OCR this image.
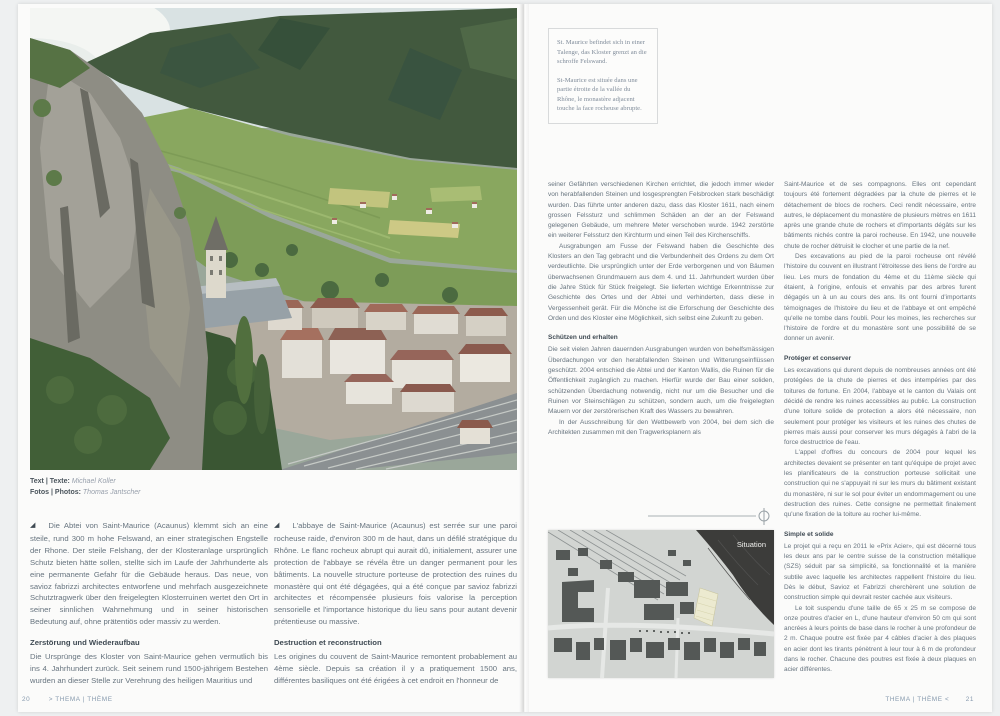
Text | Texte: Michael Koller
Fotos | Photos: Thomas Jantscher

◢ Die Abtei von Saint-Maurice (Acaunus) klemmt sich an eine steile, rund 300 m hohe Felswand, an einer strategischen Engstelle der Rhone. Der steile Felshang, der der Klosteranlage ursprünglich Schutz bieten hätte sollen, stellte sich im Laufe der Jahrhunderte als eine permanente Gefahr für die Gebäude heraus. Das neue, von savioz fabrizzi architectes entworfene und mehrfach ausgezeichnete Schutztragwerk über den freigelegten Klosterruinen wertet den Ort in seiner sinnlichen Wahrnehmung und in seiner historischen Bedeutung auf, ohne prätentiös oder massiv zu werden.

Zerstörung und Wiederaufbau

Die Ursprünge des Kloster von Saint-Maurice gehen vermutlich bis ins 4. Jahrhundert zurück. Seit seinem rund 1500-jährigem Bestehen wurden an dieser Stelle zur Verehrung des heiligen Mauritius und

◢ L'abbaye de Saint-Maurice (Acaunus) est serrée sur une paroi rocheuse raide, d'environ 300 m de haut, dans un défilé stratégique du Rhône. Le flanc rocheux abrupt qui aurait dû, initialement, assurer une protection de l'abbaye se révéla être un danger permanent pour les bâtiments. La nouvelle structure porteuse de protection des ruines du monastère qui ont été dégagées, qui a été conçue par savioz fabrizzi architectes et récompensée plusieurs fois valorise la perception sensorielle et l'importance historique du lieu sans pour autant devenir prétentieuse ou massive.

Destruction et reconstruction

Les origines du couvent de Saint-Maurice remontent probablement au 4ème siècle. Depuis sa création il y a pratiquement 1500 ans, différentes basiliques ont été érigées à cet endroit en l'honneur de

20	> THEMA | THÈME

St. Maurice befindet sich in einer Talenge, das Kloster grenzt an die schroffe Felswand.

St-Maurice est située dans une partie étroite de la vallée du Rhône, le monastère adjacent touche la face rocheuse abrupte.

seiner Gefährten verschiedenen Kirchen errichtet, die jedoch immer wieder von herabfallenden Steinen und losgesprengten Felsbrocken stark beschädigt wurden. Das führte unter anderen dazu, dass das Kloster 1611, nach einem grossen Felssturz und schlimmen Schäden an der an der Felswand gelegenen Gebäude, um mehrere Meter verschoben wurde. 1942 zerstörte ein weiterer Felssturz den Kirchturm und einen Teil des Kirchenschiffs.

Ausgrabungen am Fusse der Felswand haben die Geschichte des Klosters an den Tag gebracht und die Verbundenheit des Ordens zu dem Ort verdeutlichte. Die ursprünglich unter der Erde verborgenen und von Bäumen überwachsenen Grundmauern aus dem 4. und 11. Jahrhundert wurden über die Jahre Stück für Stück freigelegt. Sie lieferten wichtige Erkenntnisse zur Geschichte des Ortes und der Abtei und verhinderten, dass diese in Vergessenheit gerät. Für die Mönche ist die Erforschung der Geschichte des Orden und des Kloster eine Möglichkeit, sich selbst eine Zukunft zu geben.

Schützen und erhalten

Die seit vielen Jahren dauernden Ausgrabungen wurden von behelfsmässigen Überdachungen vor den herabfallenden Steinen und Witterungseinflüssen geschützt. 2004 entschied die Abtei und der Kanton Wallis, die Ruinen für die Öffentlichkeit zugänglich zu machen. Hierfür wurde der Bau einer soliden, schützenden Überdachung notwendig, nicht nur um die Besucher und die Ruinen vor Steinschlägen zu schützen, sondern auch, um die freigelegten Mauern vor der zerstörerischen Kraft des Wassers zu bewahren.

In der Ausschreibung für den Wettbewerb von 2004, bei dem sich die Architekten zusammen mit den Tragwerksplanern als

Situation

Saint-Maurice et de ses compagnons. Elles ont cependant toujours été fortement dégradées par la chute de pierres et le détachement de blocs de rochers. Ceci rendit nécessaire, entre autres, le déplacement du monastère de plusieurs mètres en 1611 après une grande chute de rochers et d'importants dégâts sur les bâtiments nichés contre la paroi rocheuse. En 1942, une nouvelle chute de rocher détruisit le clocher et une partie de la nef.

Des excavations au pied de la paroi rocheuse ont révélé l'histoire du couvent en illustrant l'étroitesse des liens de l'ordre au lieu. Les murs de fondation du 4ème et du 11ème siècle qui étaient, à l'origine, enfouis et envahis par des arbres furent dégagés un à un au cours des ans. Ils ont fourni d'importants témoignages de l'histoire du lieu et de l'abbaye et ont empêché qu'elle ne tombe dans l'oubli. Pour les moines, les recherches sur l'histoire de l'ordre et du monastère sont une possibilité de se donner un avenir.

Protéger et conserver

Les excavations qui durent depuis de nombreuses années ont été protégées de la chute de pierres et des intempéries par des toitures de fortune. En 2004, l'abbaye et le canton du Valais ont décidé de rendre les ruines accessibles au public. La construction d'une toiture solide de protection a alors été nécessaire, non seulement pour protéger les visiteurs et les ruines des chutes de pierres mais aussi pour conserver les murs dégagés à l'abri de la force destructrice de l'eau.

L'appel d'offres du concours de 2004 pour lequel les architectes devaient se présenter en tant qu'équipe de projet avec les planificateurs de la construction porteuse sollicitait une construction qui ne s'appuyait ni sur les murs du bâtiment existant du monastère, ni sur le sol pour éviter un endommagement ou une destruction des ruines. Cette consigne ne permettait finalement qu'une fixation de la toiture au rocher lui-même.

Simple et solide

Le projet qui a reçu en 2011 le «Prix Acier», qui est décerné tous les deux ans par le centre suisse de la construction métallique (SZS) séduit par sa simplicité, sa fonctionnalité et la manière subtile avec laquelle les architectes rappellent l'histoire du lieu. Dès le début, Savioz et Fabrizzi cherchèrent une solution de construction simple qui devrait rester cachée aux visiteurs.

Le toit suspendu d'une taille de 65 x 25 m se compose de onze poutres d'acier en L, d'une hauteur d'environ 50 cm qui sont ancrées à leurs points de base dans le rocher à une profondeur de 2 m. Chaque poutre est fixée par 4 câbles d'acier à des plaques en acier dont les tirants pénètrent à leur tour à 6 m de profondeur dans le rocher. Chacune des poutres est fixée à deux plaques en acier différentes.

THEMA | THÈME <	21
